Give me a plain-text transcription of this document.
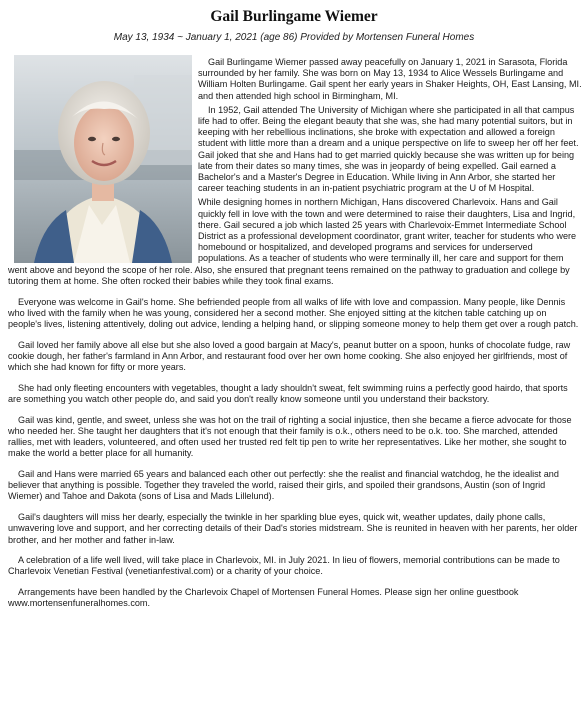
Gail Burlingame Wiemer
May 13, 1934 ~ January 1, 2021 (age 86) Provided by Mortensen Funeral Homes

Gail Burlingame Wiemer passed away peacefully on January 1, 2021 in Sarasota, Florida surrounded by her family. She was born on May 13, 1934 to Alice Wessels Burlingame and William Holten Burlingame. Gail spent her early years in Shaker Heights, OH, East Lansing, MI. and then attended high school in Birmingham, MI.

In 1952, Gail attended The University of Michigan where she participated in all that campus life had to offer. Being the elegant beauty that she was, she had many potential suitors, but in keeping with her rebellious inclinations, she broke with expectation and allowed a foreign student with little more than a dream and a unique perspective on life to sweep her off her feet. Gail joked that she and Hans had to get married quickly because she was written up for being late from their dates so many times, she was in jeopardy of being expelled. Gail earned a Bachelor's and a Master's Degree in Education. While living in Ann Arbor, she started her career teaching students in an in-patient psychiatric program at the U of M Hospital.

While designing homes in northern Michigan, Hans discovered Charlevoix. Hans and Gail quickly fell in love with the town and were determined to raise their daughters, Lisa and Ingrid, there. Gail secured a job which lasted 25 years with Charlevoix-Emmet Intermediate School District as a professional development coordinator, grant writer, teacher for students who were homebound or hospitalized, and developed programs and services for underserved populations. As a teacher of students who were terminally ill, her care and support for them went above and beyond the scope of her role. Also, she ensured that pregnant teens remained on the pathway to graduation and college by tutoring them at home. She often rocked their babies while they took final exams.

Everyone was welcome in Gail's home. She befriended people from all walks of life with love and compassion. Many people, like Dennis who lived with the family when he was young, considered her a second mother. She enjoyed sitting at the kitchen table catching up on people's lives, listening attentively, doling out advice, lending a helping hand, or slipping someone money to help them get over a rough patch.

Gail loved her family above all else but she also loved a good bargain at Macy's, peanut butter on a spoon, hunks of chocolate fudge, raw cookie dough, her father's farmland in Ann Arbor, and restaurant food over her own home cooking. She also enjoyed her girlfriends, most of which she had known for fifty or more years.

She had only fleeting encounters with vegetables, thought a lady shouldn't sweat, felt swimming ruins a perfectly good hairdo, that sports are something you watch other people do, and said you don't really know someone until you understand their backstory.

Gail was kind, gentle, and sweet, unless she was hot on the trail of righting a social injustice, then she became a fierce advocate for those who needed her. She taught her daughters that it's not enough that their family is o.k., others need to be o.k. too. She marched, attended rallies, met with leaders, volunteered, and often used her trusted red felt tip pen to write her representatives. Like her mother, she sought to make the world a better place for all humanity.

Gail and Hans were married 65 years and balanced each other out perfectly: she the realist and financial watchdog, he the idealist and believer that anything is possible. Together they traveled the world, raised their girls, and spoiled their grandsons, Austin (son of Ingrid Wiemer) and Tahoe and Dakota (sons of Lisa and Mads Lillelund).

Gail's daughters will miss her dearly, especially the twinkle in her sparkling blue eyes, quick wit, weather updates, daily phone calls, unwavering love and support, and her correcting details of their Dad's stories midstream. She is reunited in heaven with her parents, her older brother, and her mother and father in-law.

A celebration of a life well lived, will take place in Charlevoix, MI. in July 2021. In lieu of flowers, memorial contributions can be made to Charlevoix Venetian Festival (venetianfestival.com) or a charity of your choice.

Arrangements have been handled by the Charlevoix Chapel of Mortensen Funeral Homes. Please sign her online guestbook www.mortensenfuneralhomes.com.
